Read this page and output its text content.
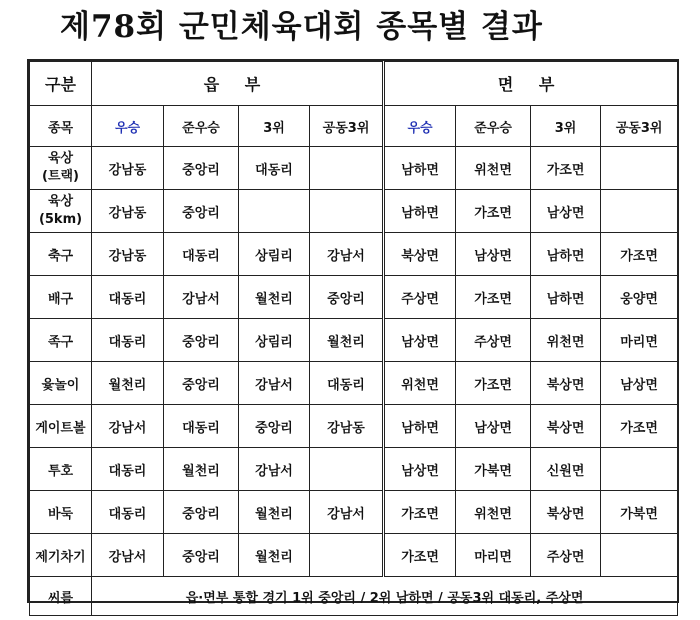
제78회 군민체육대회 종목별 결과
구분	읍 부				면 부			
종목	우승	준우승	3위	공동3위	우승	준우승	3위	공동3위
육상
(트랙)	강남동	중앙리	대동리		남하면	위천면	가조면	
육상
(5km)	강남동	중앙리			남하면	가조면	남상면	
축구	강남동	대동리	상림리	강남서	북상면	남상면	남하면	가조면
배구	대동리	강남서	월천리	중앙리	주상면	가조면	남하면	웅양면
족구	대동리	중앙리	상림리	월천리	남상면	주상면	위천면	마리면
윷놀이	월천리	중앙리	강남서	대동리	위천면	가조면	북상면	남상면
게이트볼	강남서	대동리	중앙리	강남동	남하면	남상면	북상면	가조면
투호	대동리	월천리	강남서		남상면	가북면	신원면	
바둑	대동리	중앙리	월천리	강남서	가조면	위천면	북상면	가북면
제기차기	강남서	중앙리	월천리		가조면	마리면	주상면	
씨름	읍·면부 통합 경기 1위 중앙리 / 2위 남하면 / 공동3위 대동리, 주상면							
